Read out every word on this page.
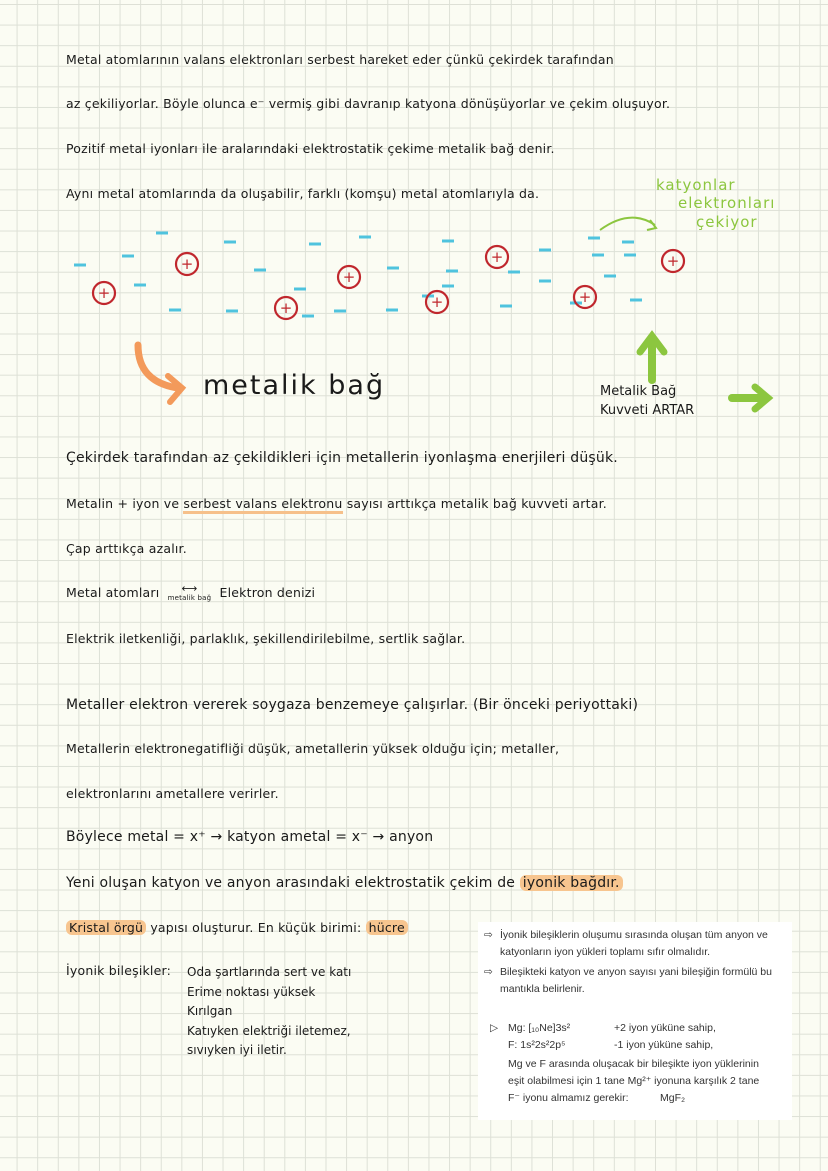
Metal atomlarının valans elektronları serbest hareket eder çünkü çekirdek tarafından
az çekiliyorlar. Böyle olunca e⁻ vermiş gibi davranıp katyona dönüşüyorlar ve çekim oluşuyor.
Pozitif metal iyonları ile aralarındaki elektrostatik çekime metalik bağ denir.
Aynı metal atomlarında da oluşabilir, farklı (komşu) metal atomlarıyla da.	katyonlar
elektronları
çekiyor
+
+
+
+
+
+
+
+
metalik bağ	Metalik Bağ
Kuvveti ARTAR
Çekirdek tarafından az çekildikleri için metallerin iyonlaşma enerjileri düşük.
Metalin + iyon ve serbest valans elektronu sayısı arttıkça metalik bağ kuvveti artar.
Çap arttıkça azalır.
Metal atomları ⟷
metalik bağ Elektron denizi
Elektrik iletkenliği, parlaklık, şekillendirilebilme, sertlik sağlar.
Metaller elektron vererek soygaza benzemeye çalışırlar. (Bir önceki periyottaki)
Metallerin elektronegatifliği düşük, ametallerin yüksek olduğu için; metaller,
elektronlarını ametallere verirler.
Böylece metal = x⁺ → katyon ametal = x⁻ → anyon
Yeni oluşan katyon ve anyon arasındaki elektrostatik çekim de iyonik bağdır.
Kristal örgü yapısı oluşturur. En küçük birimi: hücre
İyonik bileşikler: Oda şartlarında sert ve katı
Erime noktası yüksek
Kırılgan
Katıyken elektriği iletemez,
sıvıyken iyi iletir.

⇨ İyonik bileşiklerin oluşumu sırasında oluşan tüm anyon ve

katyonların iyon yükleri toplamı sıfır olmalıdır.

⇨ Bileşikteki katyon ve anyon sayısı yani bileşiğin formülü bu

mantıkla belirlenir.

▷ Mg: [₁₀Ne]3s²	+2 iyon yüküne sahip,

F: 1s²2s²2p⁵	-1 iyon yüküne sahip,

Mg ve F arasında oluşacak bir bileşikte iyon yüklerinin

eşit olabilmesi için 1 tane Mg²⁺ iyonuna karşılık 2 tane

F⁻ iyonu almamız gerekir:	MgF₂
